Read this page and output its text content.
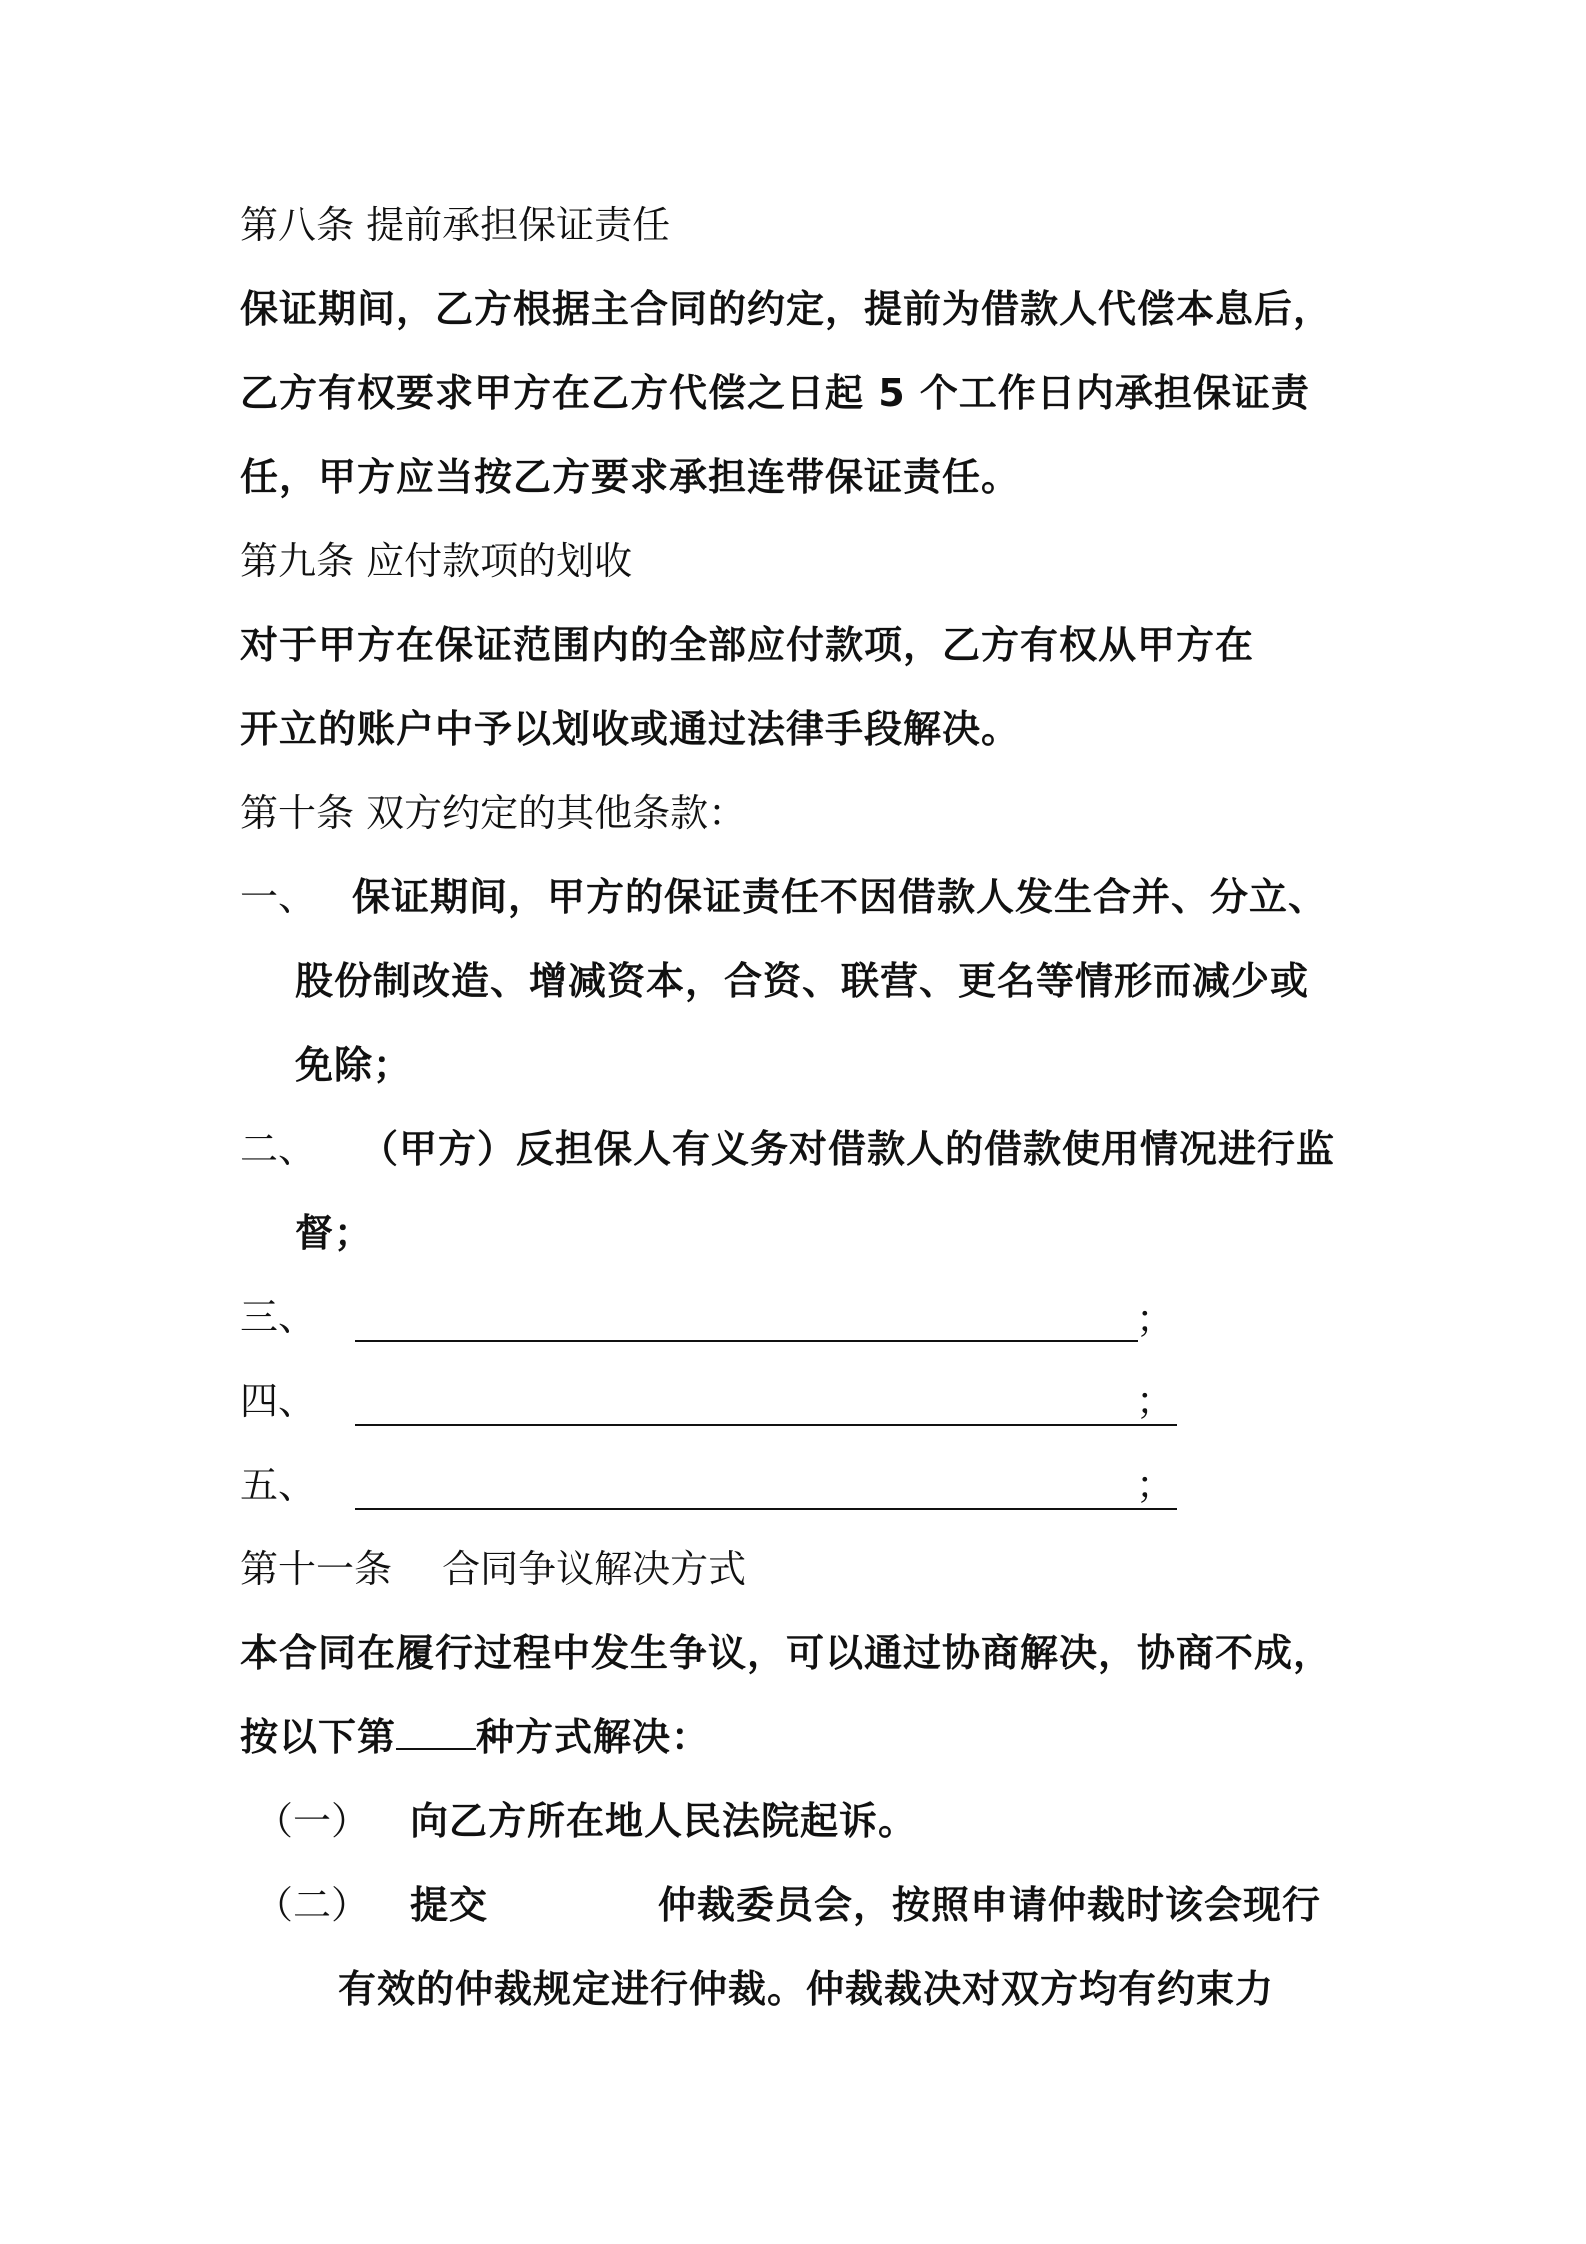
第八条 提前承担保证责任
保证期间，乙方根据主合同的约定，提前为借款人代偿本息后，
乙方有权要求甲方在乙方代偿之日起 5 个工作日内承担保证责
任，甲方应当按乙方要求承担连带保证责任。
第九条 应付款项的划收
对于甲方在保证范围内的全部应付款项，乙方有权从甲方在
开立的账户中予以划收或通过法律手段解决。
第十条 双方约定的其他条款：
一、 保证期间，甲方的保证责任不因借款人发生合并、分立、
股份制改造、增减资本，合资、联营、更名等情形而减少或
免除；
二、 （甲方）反担保人有义务对借款人的借款使用情况进行监
督；
三、	；
四、	；
五、	；
第十一条　 合同争议解决方式
本合同在履行过程中发生争议，可以通过协商解决，协商不成，
按以下第 种方式解决：
（一） 向乙方所在地人民法院起诉。
（二） 提交	仲裁委员会，按照申请仲裁时该会现行
有效的仲裁规定进行仲裁。仲裁裁决对双方均有约束力
